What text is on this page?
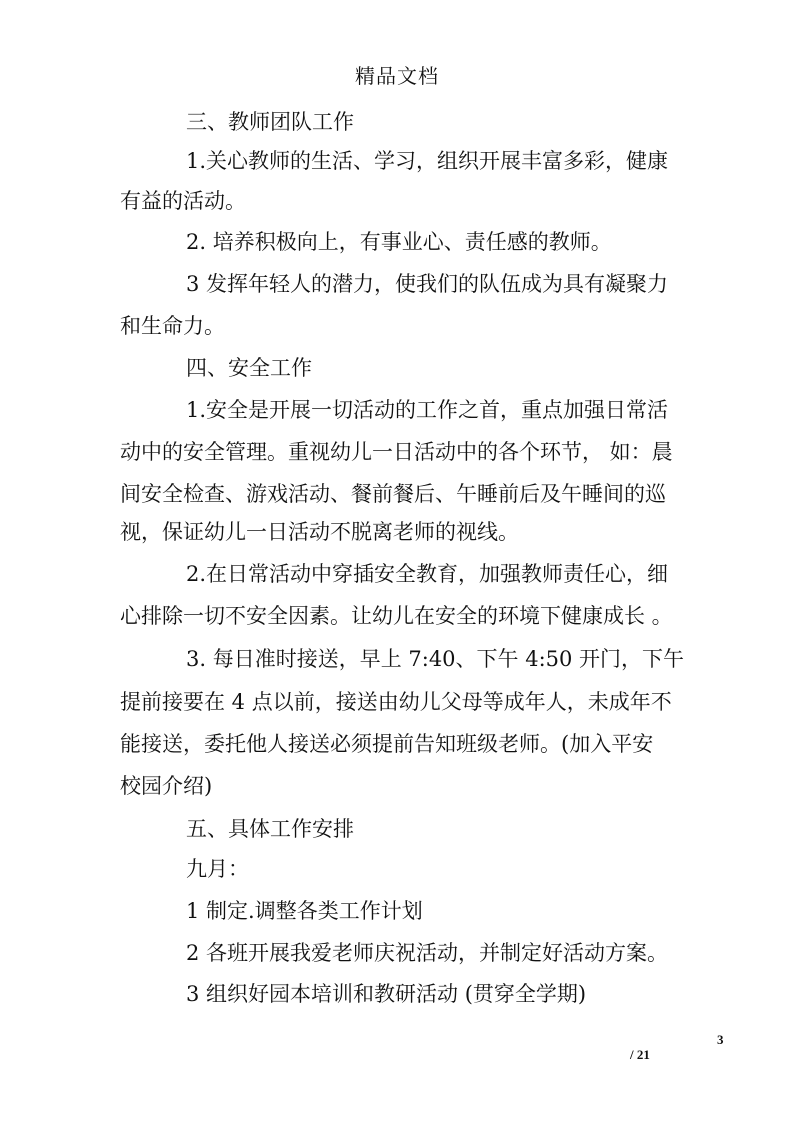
精品文档
三、教师团队工作
1.关心教师的生活、学习，组织开展丰富多彩，健康
有益的活动。
2. 培养积极向上，有事业心、责任感的教师。
3 发挥年轻人的潜力，使我们的队伍成为具有凝聚力
和生命力。
四、安全工作
1.安全是开展一切活动的工作之首，重点加强日常活
动中的安全管理。重视幼儿一日活动中的各个环节， 如：晨
间安全检查、游戏活动、餐前餐后、午睡前后及午睡间的巡
视，保证幼儿一日活动不脱离老师的视线。
2.在日常活动中穿插安全教育，加强教师责任心，细
心排除一切不安全因素。让幼儿在安全的环境下健康成长 。
3. 每日准时接送，早上 7:40、下午 4:50 开门，下午
提前接要在 4 点以前，接送由幼儿父母等成年人，未成年不
能接送，委托他人接送必须提前告知班级老师。(加入平安
校园介绍)
五、具体工作安排
九月：
1 制定.调整各类工作计划
2 各班开展我爱老师庆祝活动，并制定好活动方案。
3 组织好园本培训和教研活动 (贯穿全学期)
3
/ 21
